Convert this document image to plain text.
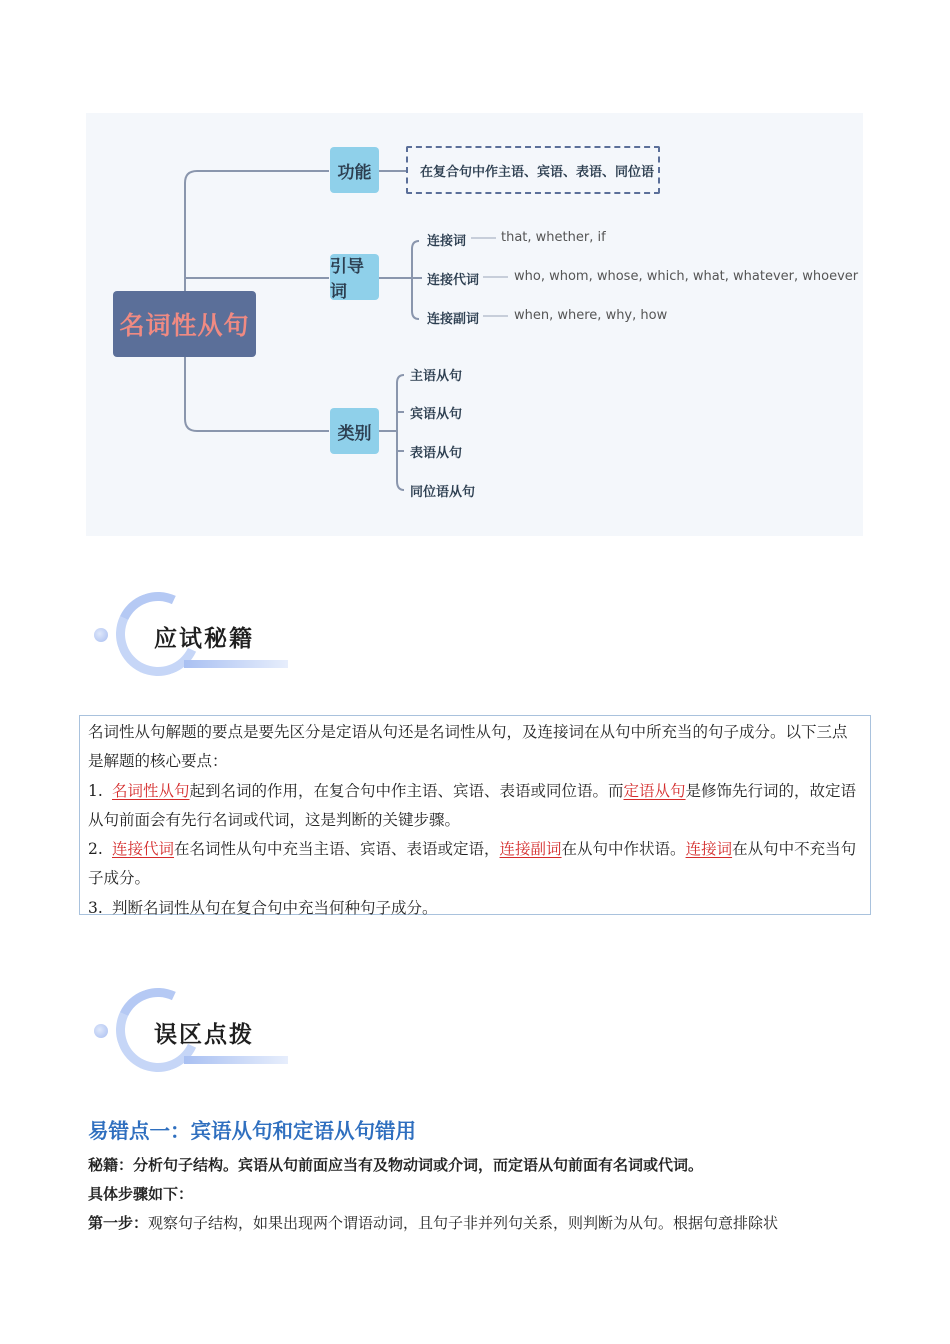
名词性从句
功能	在复合句中作主语、宾语、表语、同位语
引导词
连接词	that, whether, if
连接代词	who, whom, whose, which, what, whatever, whoever
连接副词	when, where, why, how
类别
主语从句
宾语从句
表语从句
同位语从句
应试秘籍

名词性从句解题的要点是要先区分是定语从句还是名词性从句，及连接词在从句中所充当的句子成分。以下三点是解题的核心要点：

1. 名词性从句起到名词的作用，在复合句中作主语、宾语、表语或同位语。而定语从句是修饰先行词的，故定语从句前面会有先行名词或代词，这是判断的关键步骤。

2. 连接代词在名词性从句中充当主语、宾语、表语或定语，连接副词在从句中作状语。连接词在从句中不充当句子成分。

3. 判断名词性从句在复合句中充当何种句子成分。

误区点拨
易错点一：宾语从句和定语从句错用
秘籍：分析句子结构。宾语从句前面应当有及物动词或介词，而定语从句前面有名词或代词。
具体步骤如下：
第一步：观察句子结构，如果出现两个谓语动词，且句子非并列句关系，则判断为从句。根据句意排除状
